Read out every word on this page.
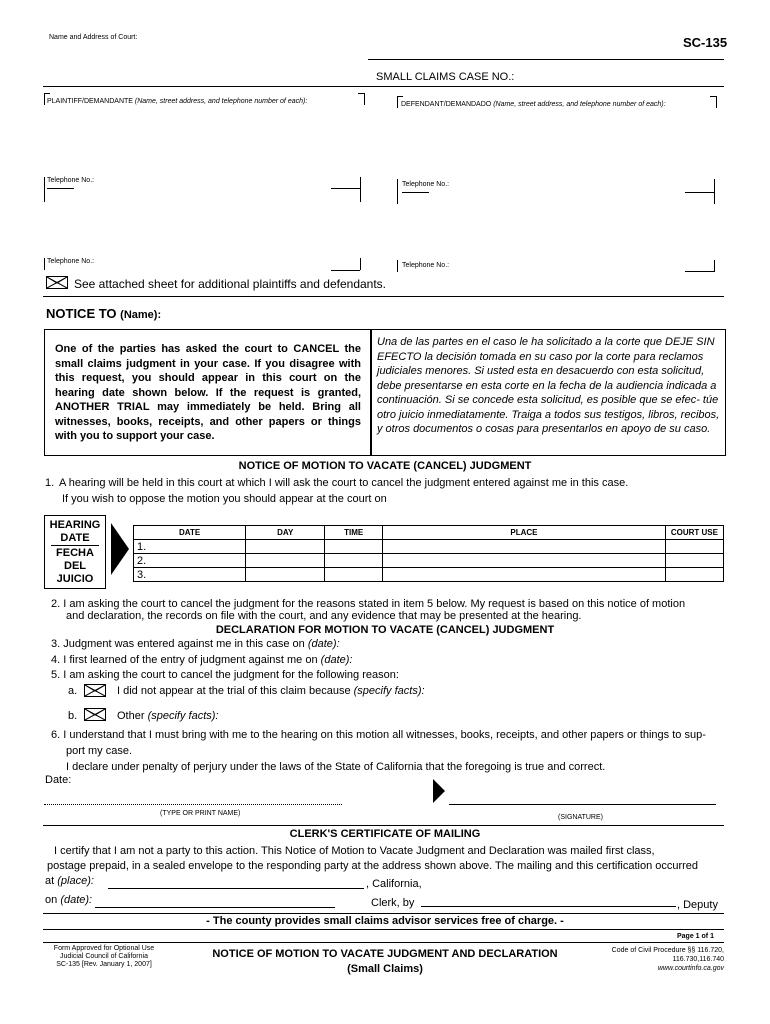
Name and Address of Court:	SC-135
SMALL CLAIMS CASE NO.:
PLAINTIFF/DEMANDANTE (Name, street address, and telephone number of each):	DEFENDANT/DEMANDADO (Name, street address, and telephone number of each):
Telephone No.:
Telephone No.:
Telephone No.:
Telephone No.:
See attached sheet for additional plaintiffs and defendants.
NOTICE TO (Name):
One of the parties has asked the court to CANCEL the small claims judgment in your case. If you disagree with this request, you should appear in this court on the hearing date shown below. If the request is granted, ANOTHER TRIAL may immediately be held. Bring all witnesses, books, receipts, and other papers or things with you to support your case.
Una de las partes en el caso le ha solicitado a la corte que DEJE SIN EFECTO la decisión tomada en su caso por la corte para reclamos judiciales menores. Si usted esta en desacuerdo con esta solicitud, debe presentarse en esta corte en la fecha de la audiencia indicada a continuación. Si se concede esta solicitud, es posible que se efec- túe otro juicio inmediatamente. Traiga a todos sus testigos, libros, recibos, y otros documentos o cosas para presentarlos en apoyo de su caso.
NOTICE OF MOTION TO VACATE (CANCEL) JUDGMENT
1. A hearing will be held in this court at which I will ask the court to cancel the judgment entered against me in this case.
If you wish to oppose the motion you should appear at the court on
HEARING DATE
FECHA DEL JUICIO
DATE	DAY	TIME	PLACE	COURT USE
1.				
2.				
3.				
2. I am asking the court to cancel the judgment for the reasons stated in item 5 below. My request is based on this notice of motion
and declaration, the records on file with the court, and any evidence that may be presented at the hearing.
DECLARATION FOR MOTION TO VACATE (CANCEL) JUDGMENT
3. Judgment was entered against me in this case on (date):
4. I first learned of the entry of judgment against me on (date):
5. I am asking the court to cancel the judgment for the following reason:
a.	I did not appear at the trial of this claim because (specify facts):
b.	Other (specify facts):
6. I understand that I must bring with me to the hearing on this motion all witnesses, books, receipts, and other papers or things to sup-
port my case.
I declare under penalty of perjury under the laws of the State of California that the foregoing is true and correct.
Date:
(TYPE OR PRINT NAME)
(SIGNATURE)
CLERK'S CERTIFICATE OF MAILING
I certify that I am not a party to this action. This Notice of Motion to Vacate Judgment and Declaration was mailed first class,
postage prepaid, in a sealed envelope to the responding party at the address shown above. The mailing and this certification occurred
at (place):	, California,
on (date):	Clerk, by	, Deputy
- The county provides small claims advisor services free of charge. -
Page 1 of 1
Form Approved for Optional Use
Judicial Council of California
SC-135 [Rev. January 1, 2007]
NOTICE OF MOTION TO VACATE JUDGMENT AND DECLARATION
(Small Claims)
Code of Civil Procedure §§ 116.720,
116.730,116.740
www.courtinfo.ca.gov
